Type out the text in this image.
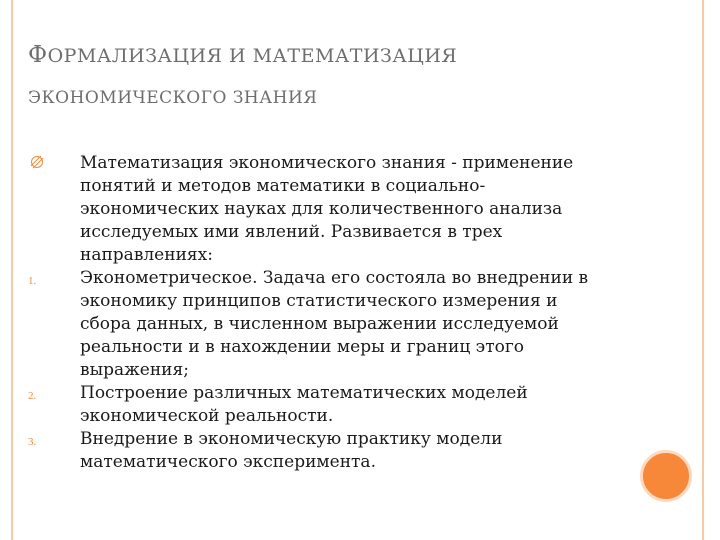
ФОРМАЛИЗАЦИЯ И МАТЕМАТИЗАЦИЯ
ЭКОНОМИЧЕСКОГО ЗНАНИЯ
Математизация экономического знания - применение понятий и методов математики в социально-экономических науках для количественного анализа исследуемых ими явлений. Развивается в трех направлениях:
1.	Эконометрическое. Задача его состояла во внедрении в экономику принципов статистического измерения и сбора данных, в численном выражении исследуемой реальности и в нахождении меры и границ этого выражения;
2.	Построение различных математических моделей экономической реальности.
3.	Внедрение в экономическую практику модели математического эксперимента.
